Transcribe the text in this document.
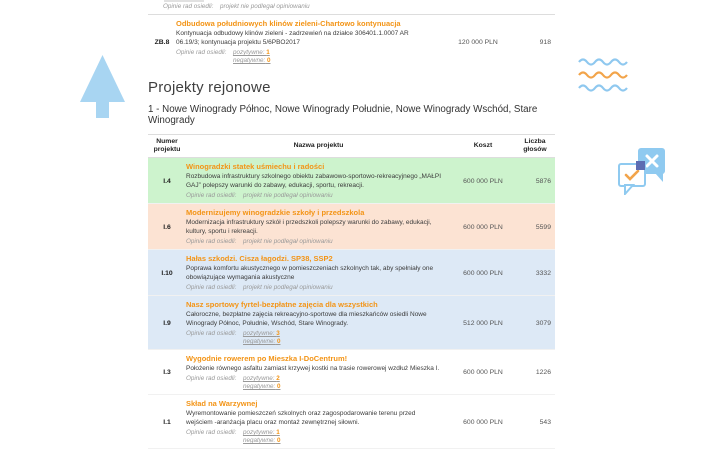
Opinie rad osiedli:	projekt nie podlegał opiniowaniu
ZB.8
Odbudowa południowych klinów zieleni-Chartowo kontynuacja
Kontynuacja odbudowy klinów zieleni - zadrzewień na działce 306401.1.0007 AR 06.19/3; kontynuacja projektu 5/6PBO2017
Opinie rad osiedli:	pozytywne: 1
negatywne: 0
120 000 PLN	918
Projekty rejonowe
1 - Nowe Winogrady Północ, Nowe Winogrady Południe, Nowe Winogrady Wschód, Stare Winogrady
Numer projektu
Nazwa projektu	Koszt
Liczba głosów
I.4
Winogradzki statek uśmiechu i radości
Rozbudowa infrastruktury szkolnego obiektu zabawowo-sportowo-rekreacyjnego „MAŁPI GAJ” polepszy warunki do zabawy, edukacji, sportu, rekreacji.
Opinie rad osiedli:	projekt nie podlegał opiniowaniu
600 000 PLN	5876
I.6
Modernizujemy winogradzkie szkoły i przedszkola
Modernizacja infrastruktury szkół i przedszkoli polepszy warunki do zabawy, edukacji, kultury, sportu i rekreacji.
Opinie rad osiedli:	projekt nie podlegał opiniowaniu
600 000 PLN	5599
I.10
Hałas szkodzi. Cisza łagodzi. SP38, SSP2
Poprawa komfortu akustycznego w pomieszczeniach szkolnych tak, aby spełniały one obowiązujące wymagania akustyczne
Opinie rad osiedli:	projekt nie podlegał opiniowaniu
600 000 PLN	3332
I.9
Nasz sportowy fyrtel-bezpłatne zajęcia dla wszystkich
Całoroczne, bezpłatne zajęcia rekreacyjno-sportowe dla mieszkańców osiedli Nowe Winogrady Północ, Południe, Wschód, Stare Winogrady.
Opinie rad osiedli:	pozytywne: 3
negatywne: 0
512 000 PLN	3079
I.3
Wygodnie rowerem po Mieszka I-DoCentrum!
Położenie równego asfaltu zamiast krzywej kostki na trasie rowerowej wzdłuż Mieszka I.
Opinie rad osiedli:	pozytywne: 2
negatywne: 0
600 000 PLN	1226
I.1
Skład na Warzywnej
Wyremontowanie pomieszczeń szkolnych oraz zagospodarowanie terenu przed wejściem -aranżacja placu oraz montaż zewnętrznej siłowni.
Opinie rad osiedli:	pozytywne: 1
negatywne: 0
600 000 PLN	543
